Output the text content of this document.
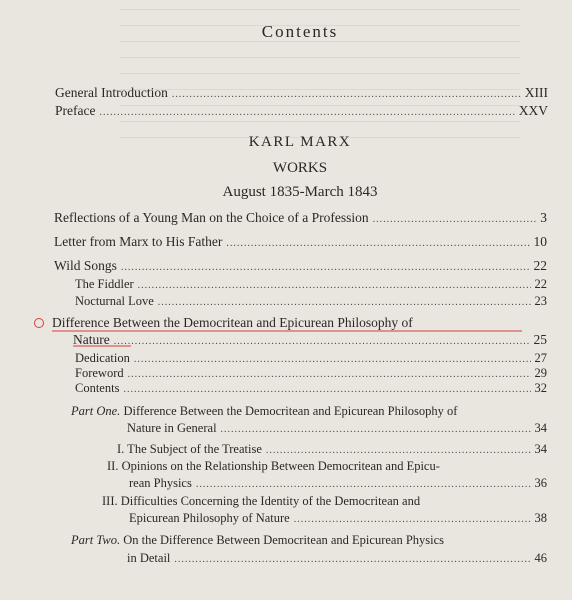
Contents
General Introduction .....	XIII
Preface .....	XXV
KARL MARX
WORKS
August 1835-March 1843
Reflections of a Young Man on the Choice of a Profession .....	3
Letter from Marx to His Father .....	10
Wild Songs .....	22
The Fiddler .....	22
Nocturnal Love .....	23
Difference Between the Democritean and Epicurean Philosophy of
Nature .....	25
Dedication .....	27
Foreword .....	29
Contents .....	32
Part One. Difference Between the Democritean and Epicurean Philosophy of
Nature in General .....	34
I. The Subject of the Treatise .....	34
II. Opinions on the Relationship Between Democritean and Epicu-
rean Physics .....	36
III. Difficulties Concerning the Identity of the Democritean and
Epicurean Philosophy of Nature .....	38
Part Two. On the Difference Between Democritean and Epicurean Physics
in Detail .....	46
